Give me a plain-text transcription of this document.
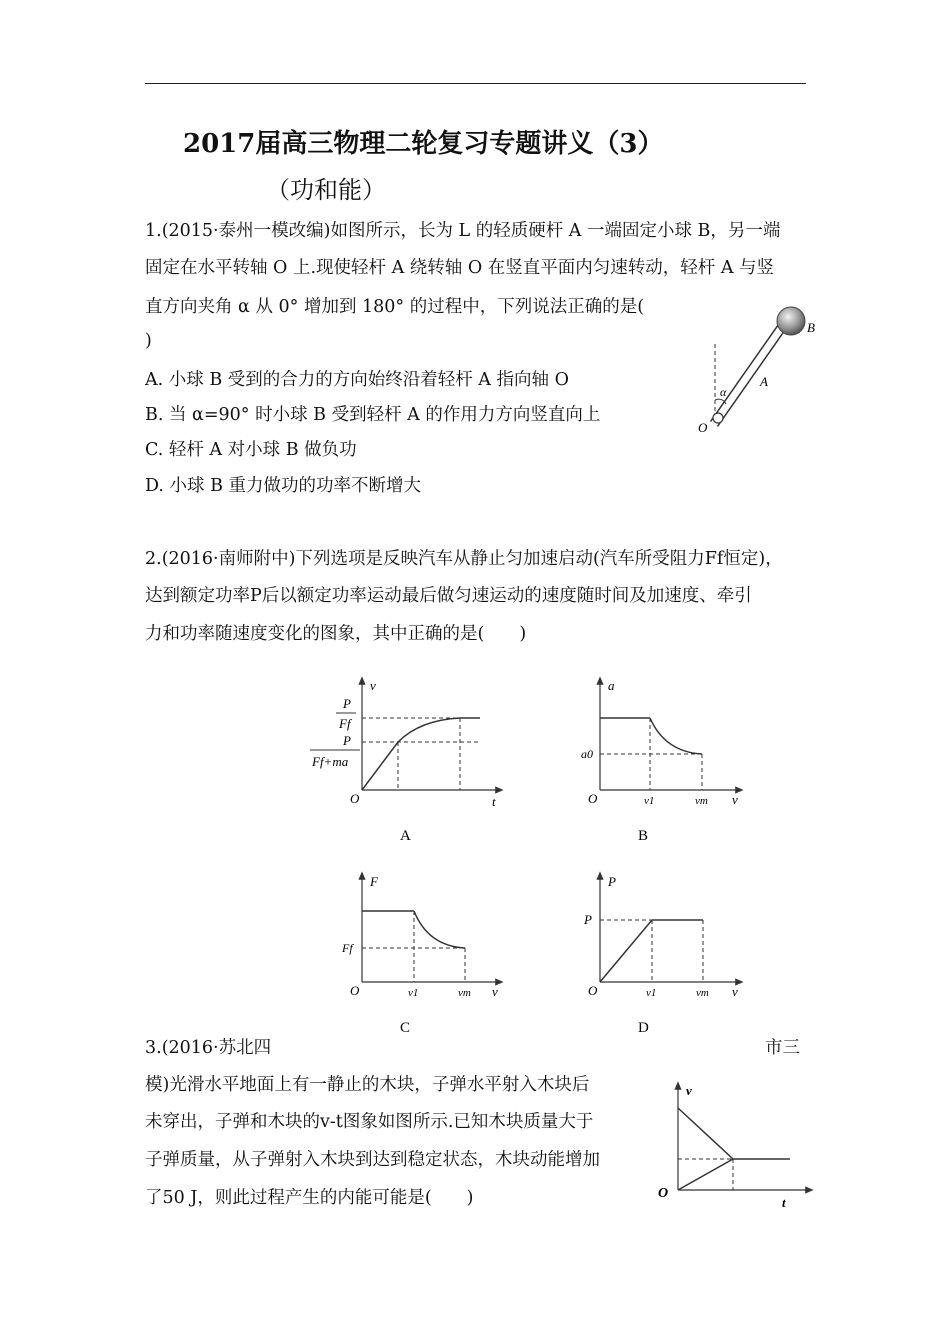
2017届高三物理二轮复习专题讲义（3）
（功和能）
1.(2015·泰州一模改编)如图所示，长为 L 的轻质硬杆 A 一端固定小球 B，另一端
固定在水平转轴 O 上.现使轻杆 A 绕转轴 O 在竖直平面内匀速转动，轻杆 A 与竖
直方向夹角 α 从 0° 增加到 180° 的过程中，下列说法正确的是(
)
A. 小球 B 受到的合力的方向始终沿着轻杆 A 指向轴 O
B. 当 α=90° 时小球 B 受到轻杆 A 的作用力方向竖直向上
C. 轻杆 A 对小球 B 做负功
D. 小球 B 重力做功的功率不断增大
B
A
α
O
2.(2016·南师附中)下列选项是反映汽车从静止匀加速启动(汽车所受阻力Ff恒定)，
达到额定功率P后以额定功率运动最后做匀速运动的速度随时间及加速度、牵引
力和功率随速度变化的图象，其中正确的是(　　)
v
t
O
P
Ff
P
Ff+ma
A
a
v
O
a0
v1	vm
B
F
v
O
Ff
v1	vm
C
P
v
O
P
v1	vm
D
3.(2016·苏北四	市三
模)光滑水平地面上有一静止的木块，子弹水平射入木块后
未穿出，子弹和木块的v-t图象如图所示.已知木块质量大于
子弹质量，从子弹射入木块到达到稳定状态，木块动能增加
了50 J，则此过程产生的内能可能是(　　)
v
t
O
